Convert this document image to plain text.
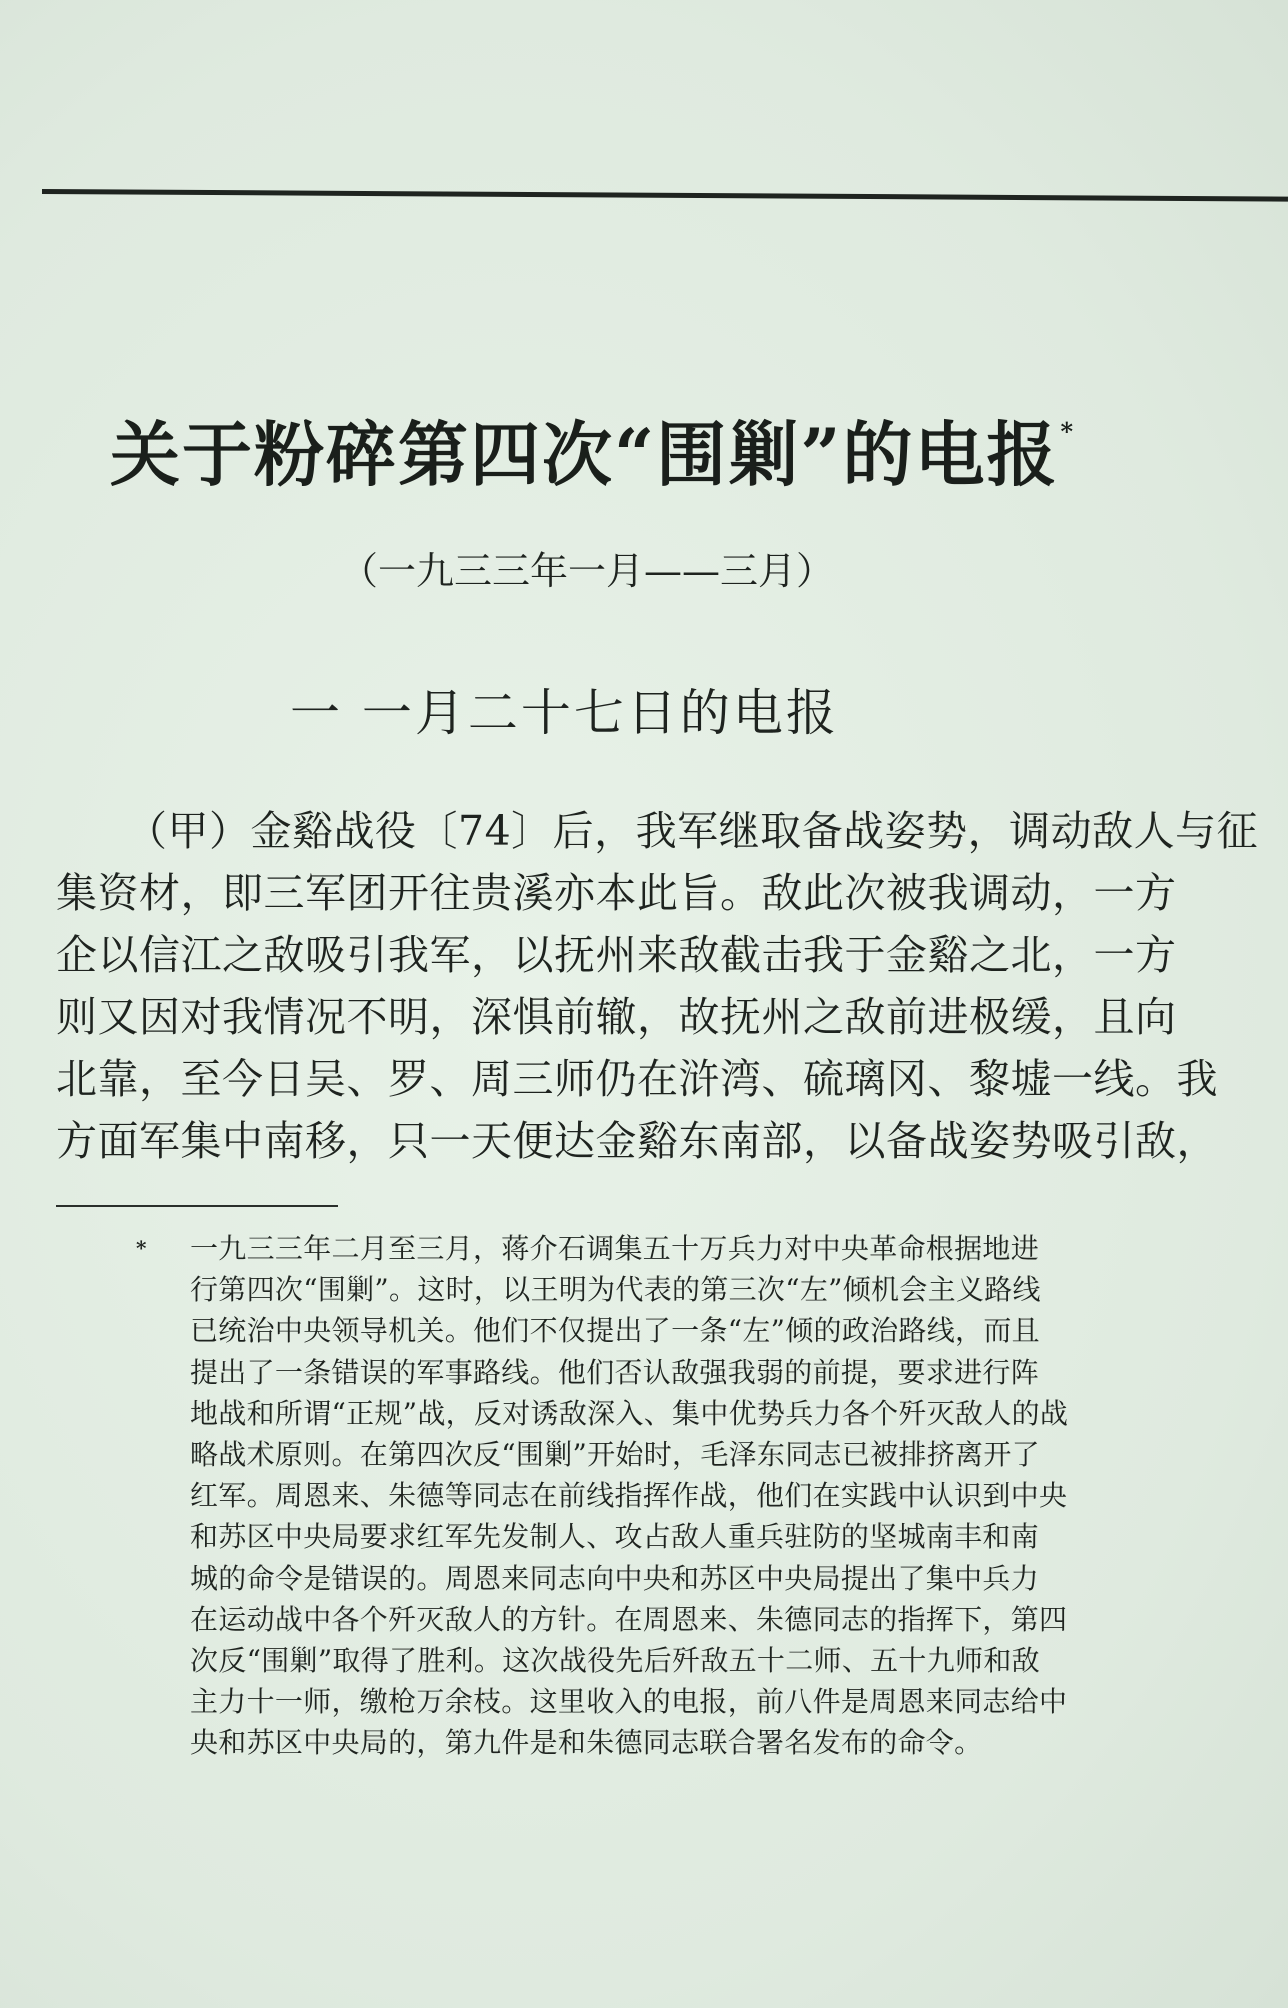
关于粉碎第四次“围剿”的电报*
（一九三三年一月——三月）
一 一月二十七日的电报
（甲）金谿战役〔74〕后，我军继取备战姿势，调动敌人与征
集资材，即三军团开往贵溪亦本此旨。敌此次被我调动，一方
企以信江之敌吸引我军，以抚州来敌截击我于金谿之北，一方
则又因对我情况不明，深惧前辙，故抚州之敌前进极缓，且向
北靠，至今日吴、罗、周三师仍在浒湾、硫璃冈、黎墟一线。我
方面军集中南移，只一天便达金谿东南部，以备战姿势吸引敌，
* 一九三三年二月至三月，蒋介石调集五十万兵力对中央革命根据地进
行第四次“围剿”。这时，以王明为代表的第三次“左”倾机会主义路线
已统治中央领导机关。他们不仅提出了一条“左”倾的政治路线，而且
提出了一条错误的军事路线。他们否认敌强我弱的前提，要求进行阵
地战和所谓“正规”战，反对诱敌深入、集中优势兵力各个歼灭敌人的战
略战术原则。在第四次反“围剿”开始时，毛泽东同志已被排挤离开了
红军。周恩来、朱德等同志在前线指挥作战，他们在实践中认识到中央
和苏区中央局要求红军先发制人、攻占敌人重兵驻防的坚城南丰和南
城的命令是错误的。周恩来同志向中央和苏区中央局提出了集中兵力
在运动战中各个歼灭敌人的方针。在周恩来、朱德同志的指挥下，第四
次反“围剿”取得了胜利。这次战役先后歼敌五十二师、五十九师和敌
主力十一师，缴枪万余枝。这里收入的电报，前八件是周恩来同志给中
央和苏区中央局的，第九件是和朱德同志联合署名发布的命令。
